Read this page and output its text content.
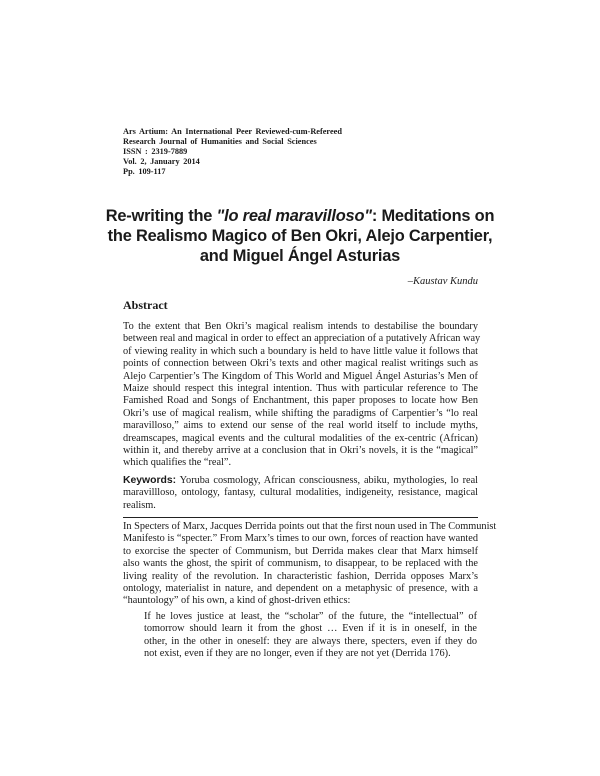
Ars Artium: An International Peer Reviewed-cum-Refereed
Research Journal of Humanities and Social Sciences
ISSN : 2319-7889
Vol. 2, January 2014
Pp. 109-117
Re-writing the "lo real maravilloso": Meditations on
the Realismo Magico of Ben Okri, Alejo Carpentier,
and Miguel Ángel Asturias
–Kaustav Kundu
Abstract
To the extent that Ben Okri’s magical realism intends to destabilise the boundary
between real and magical in order to effect an appreciation of a putatively African way
of viewing reality in which such a boundary is held to have little value it follows that
points of connection between Okri’s texts and other magical realist writings such as
Alejo Carpentier’s The Kingdom of This World and Miguel Ángel Asturias’s Men of
Maize should respect this integral intention. Thus with particular reference to The
Famished Road and Songs of Enchantment, this paper proposes to locate how Ben
Okri’s use of magical realism, while shifting the paradigms of Carpentier’s “lo real
maravilloso,” aims to extend our sense of the real world itself to include myths,
dreamscapes, magical events and the cultural modalities of the ex-centric (African)
within it, and thereby arrive at a conclusion that in Okri’s novels, it is the “magical”
which qualifies the “real”.
Keywords: Yoruba cosmology, African consciousness, abiku, mythologies, lo real
maravillloso, ontology, fantasy, cultural modalities, indigeneity, resistance, magical
realism.
In Specters of Marx, Jacques Derrida points out that the first noun used in The Communist
Manifesto is “specter.” From Marx’s times to our own, forces of reaction have wanted
to exorcise the specter of Communism, but Derrida makes clear that Marx himself
also wants the ghost, the spirit of communism, to disappear, to be replaced with the
living reality of the revolution. In characteristic fashion, Derrida opposes Marx’s
ontology, materialist in nature, and dependent on a metaphysic of presence, with a
“hauntology” of his own, a kind of ghost-driven ethics:
If he loves justice at least, the “scholar” of the future, the “intellectual” of
tomorrow should learn it from the ghost … Even if it is in oneself, in the
other, in the other in oneself: they are always there, specters, even if they do
not exist, even if they are no longer, even if they are not yet (Derrida 176).
